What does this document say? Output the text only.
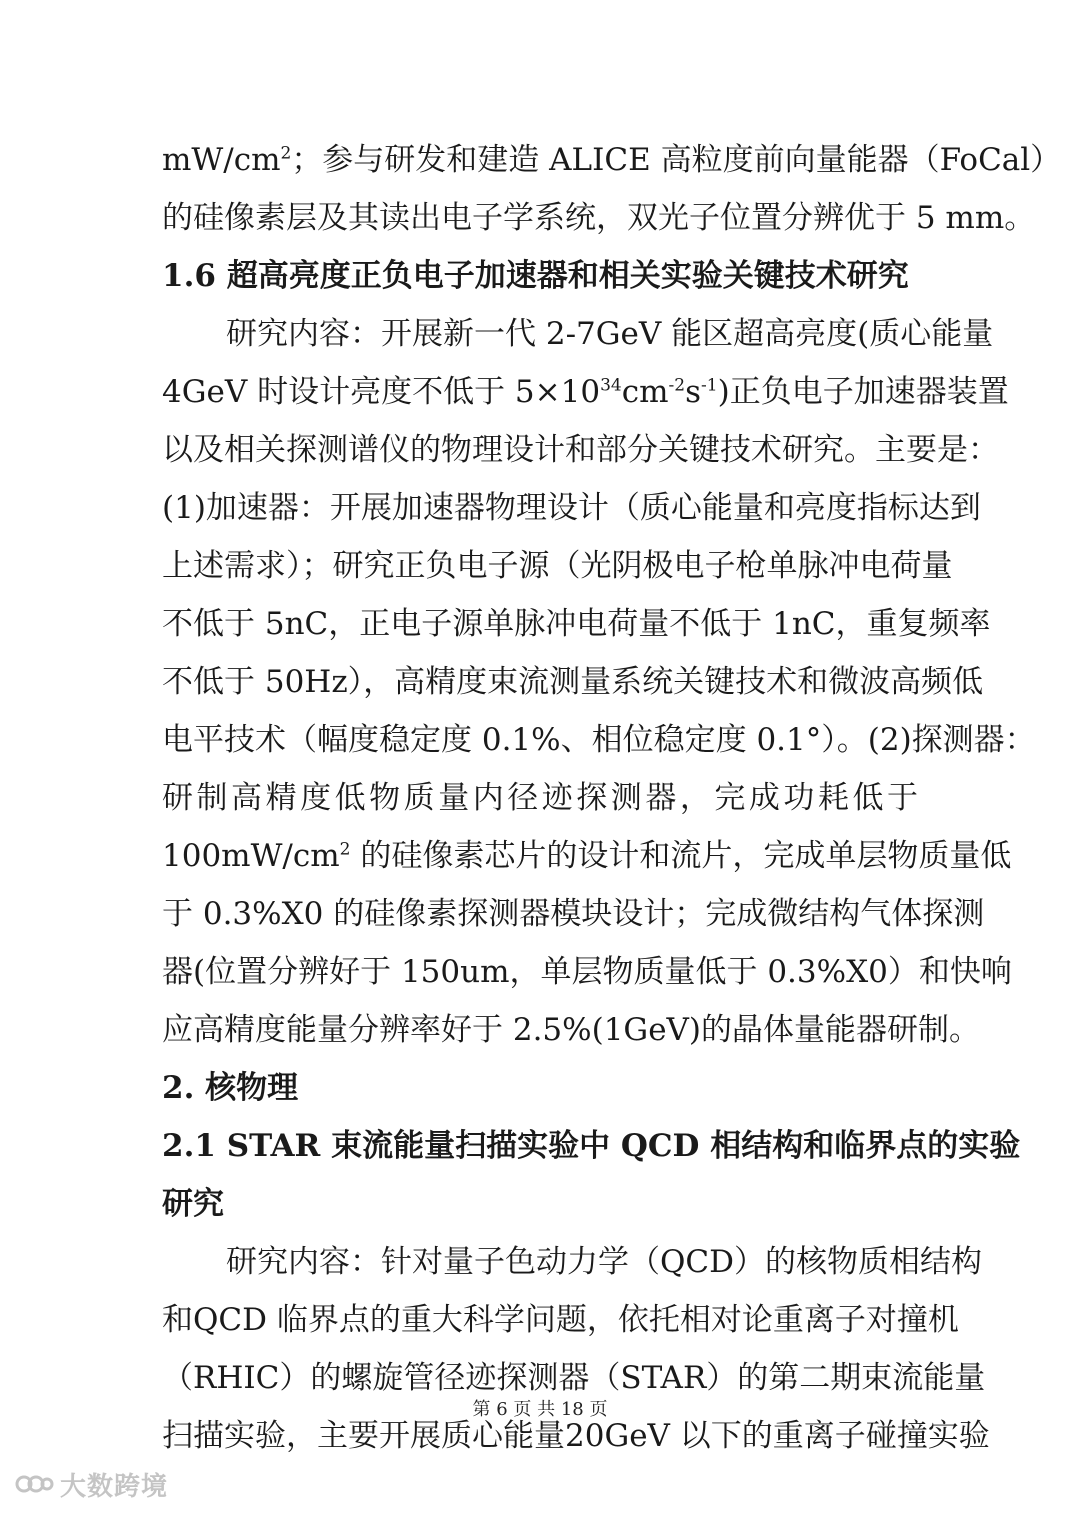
$mW/cm^2$；参与研发和建造 ALICE 高粒度前向量能器（FoCal）
的硅像素层及其读出电子学系统，双光子位置分辨优于 5 mm。
1.6 超高亮度正负电子加速器和相关实验关键技术研究
研究内容：开展新一代 2-7GeV 能区超高亮度(质心能量
4GeV 时设计亮度不低于 $5\times 10^{34}cm^{-2}s^{-1}$)正负电子加速器装置
以及相关探测谱仪的物理设计和部分关键技术研究。主要是：
(1)加速器：开展加速器物理设计（质心能量和亮度指标达到
上述需求）；研究正负电子源（光阴极电子枪单脉冲电荷量
不低于 5nC，正电子源单脉冲电荷量不低于 1nC，重复频率
不低于 50Hz），高精度束流测量系统关键技术和微波高频低
电平技术（幅度稳定度 0.1%、相位稳定度 0.1°）。(2)探测器：
研制高精度低物质量内径迹探测器，完成功耗低于
$100mW/cm^2$ 的硅像素芯片的设计和流片，完成单层物质量低
于 0.3%X0 的硅像素探测器模块设计；完成微结构气体探测
器(位置分辨好于 150um，单层物质量低于 0.3%X0）和快响
应高精度能量分辨率好于 2.5%(1GeV)的晶体量能器研制。
2. 核物理
2.1 STAR 束流能量扫描实验中 QCD 相结构和临界点的实验
研究
研究内容：针对量子色动力学（QCD）的核物质相结构
和QCD 临界点的重大科学问题，依托相对论重离子对撞机
（RHIC）的螺旋管径迹探测器（STAR）的第二期束流能量
扫描实验，主要开展质心能量20GeV 以下的重离子碰撞实验
第 6 页 共 18 页
大数跨境
